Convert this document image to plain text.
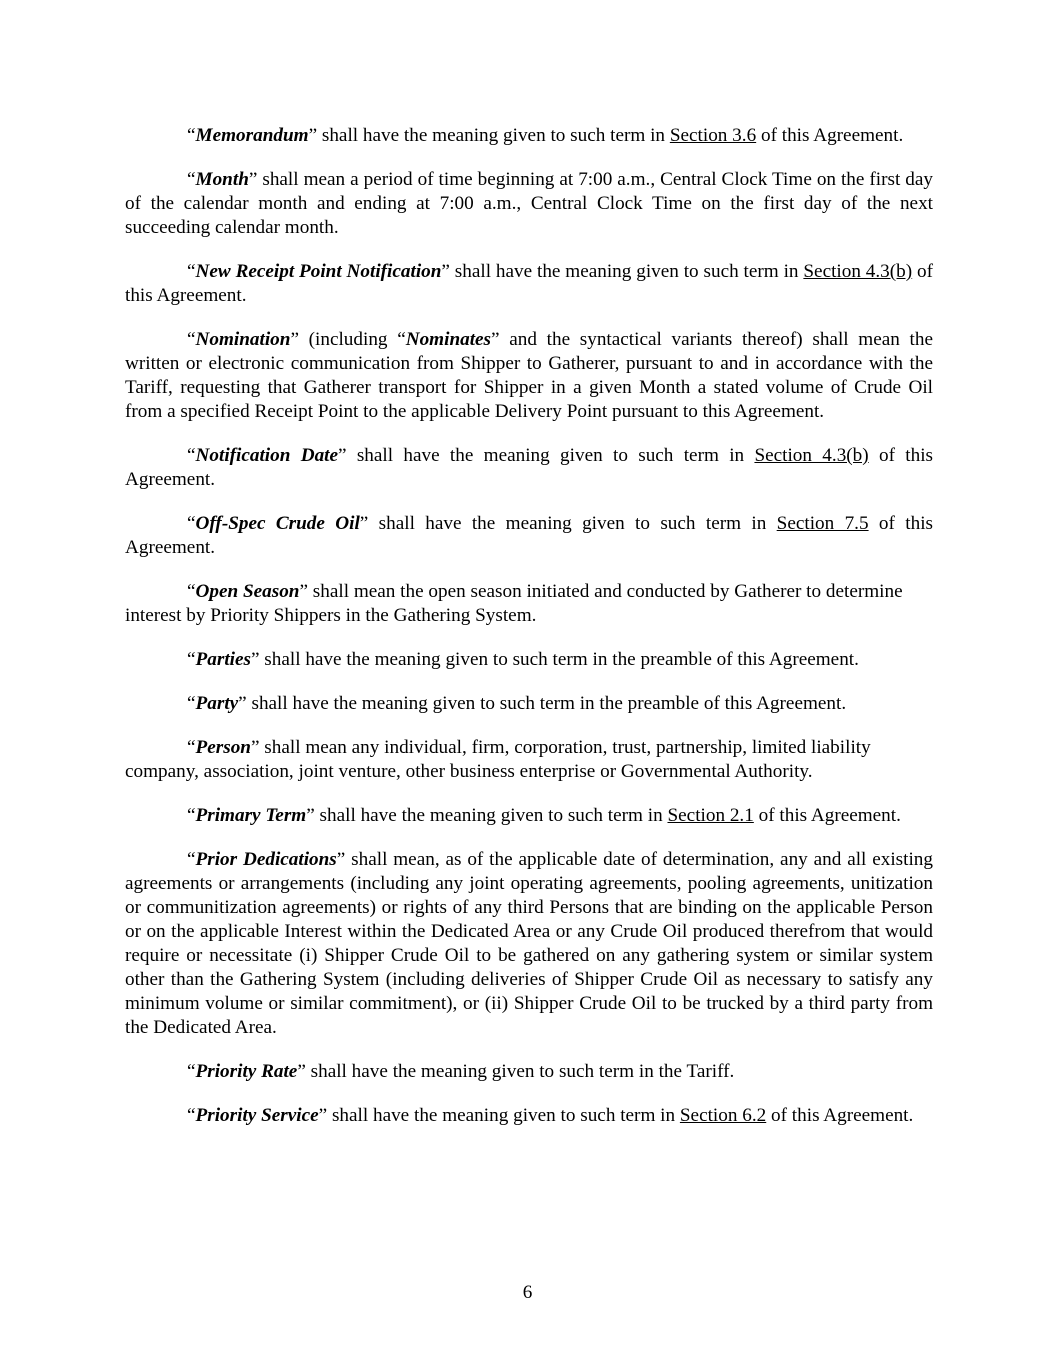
“Memorandum” shall have the meaning given to such term in Section 3.6 of this Agreement.

“Month” shall mean a period of time beginning at 7:00 a.m., Central Clock Time on the first day of the calendar month and ending at 7:00 a.m., Central Clock Time on the first day of the next succeeding calendar month.

“New Receipt Point Notification” shall have the meaning given to such term in Section 4.3(b) of this Agreement.

“Nomination” (including “Nominates” and the syntactical variants thereof) shall mean the written or electronic communication from Shipper to Gatherer, pursuant to and in accordance with the Tariff, requesting that Gatherer transport for Shipper in a given Month a stated volume of Crude Oil from a specified Receipt Point to the applicable Delivery Point pursuant to this Agreement.

“Notification Date” shall have the meaning given to such term in Section 4.3(b) of this Agreement.

“Off-Spec Crude Oil” shall have the meaning given to such term in Section 7.5 of this Agreement.

“Open Season” shall mean the open season initiated and conducted by Gatherer to determine interest by Priority Shippers in the Gathering System.

“Parties” shall have the meaning given to such term in the preamble of this Agreement.

“Party” shall have the meaning given to such term in the preamble of this Agreement.

“Person” shall mean any individual, firm, corporation, trust, partnership, limited liability company, association, joint venture, other business enterprise or Governmental Authority.

“Primary Term” shall have the meaning given to such term in Section 2.1 of this Agreement.

“Prior Dedications” shall mean, as of the applicable date of determination, any and all existing agreements or arrangements (including any joint operating agreements, pooling agreements, unitization or communitization agreements) or rights of any third Persons that are binding on the applicable Person or on the applicable Interest within the Dedicated Area or any Crude Oil produced therefrom that would require or necessitate (i) Shipper Crude Oil to be gathered on any gathering system or similar system other than the Gathering System (including deliveries of Shipper Crude Oil as necessary to satisfy any minimum volume or similar commitment), or (ii) Shipper Crude Oil to be trucked by a third party from the Dedicated Area.

“Priority Rate” shall have the meaning given to such term in the Tariff.

“Priority Service” shall have the meaning given to such term in Section 6.2 of this Agreement.

6
